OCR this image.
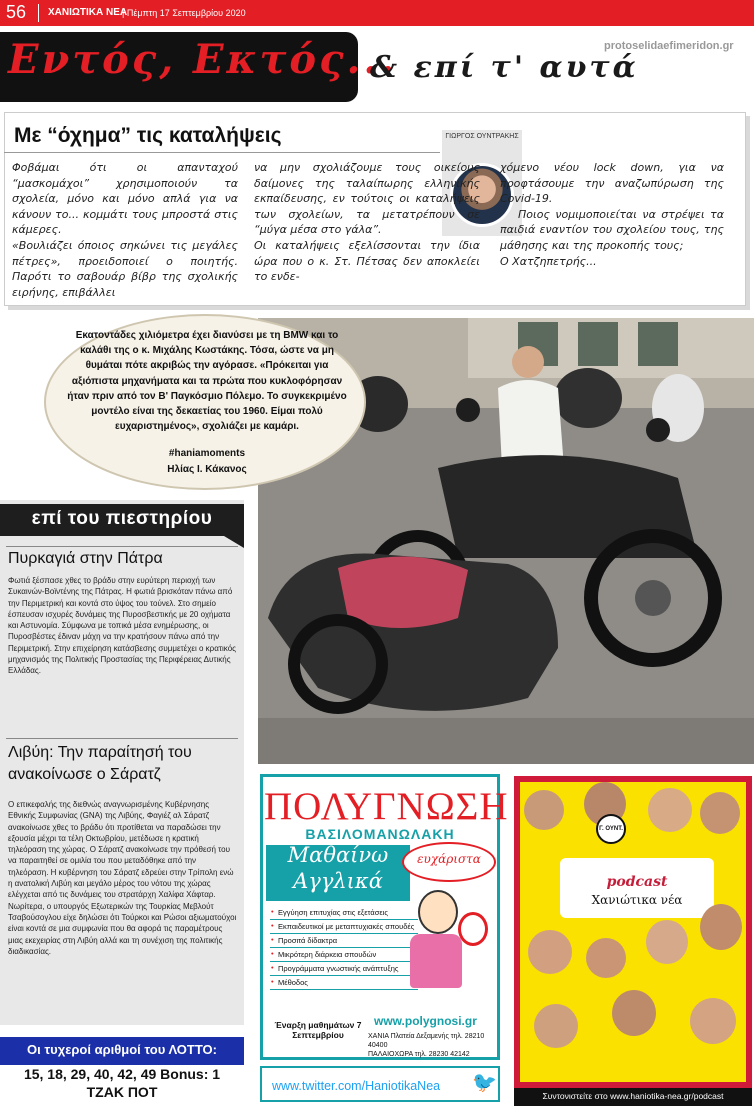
56 ΧΑΝΙΩΤΙΚΑ ΝΕΑ
| Πέμπτη 17 Σεπτεμβρίου 2020
Εντός, Εκτός...
& επί τ' αυτά
protoselidaefimeridon.gr
Με “όχημα” τις καταλήψεις	ΓΙΩΡΓΟΣ ΟΥΝΤΡΑΚΗΣ

Φοβάμαι ότι οι απανταχού “μασκομάχοι” χρησιμοποιούν τα σχολεία, μόνο και μόνο απλά για να κάνουν το... κομμάτι τους μπροστά στις κάμερες.

«Βουλιάζει όποιος σηκώνει τις μεγάλες πέτρες», προειδοποιεί ο ποιητής. Παρότι το σαβουάρ βίβρ της σχολικής ειρήνης, επιβάλλει

να μην σχολιάζουμε τους οικείους δαίμονες της ταλαίπωρης ελληνικής εκπαίδευσης, εν τούτοις οι καταλήψεις των σχολείων, τα μετατρέπουν σε “μύγα μέσα στο γάλα”.

Οι καταλήψεις εξελίσσονται την ίδια ώρα που ο κ. Στ. Πέτσας δεν αποκλείει το ενδε-

χόμενο νέου lock down, για να προφτάσουμε την αναζωπύρωση της Covid-19.

Ποιος νομιμοποιείται να στρέψει τα παιδιά εναντίον του σχολείου τους, της μάθησης και της προκοπής τους;

Ο Χατζηπετρής...

Εκατοντάδες χιλιόμετρα έχει διανύσει με τη BMW και το καλάθι της ο κ. Μιχάλης Κωστάκης. Τόσα, ώστε να μη θυμάται πότε ακριβώς την αγόρασε. «Πρόκειται για αξιόπιστα μηχανήματα και τα πρώτα που κυκλοφόρησαν ήταν πριν από τον Β' Παγκόσμιο Πόλεμο. Το συγκεκριμένο μοντέλο είναι της δεκαετίας του 1960. Είμαι πολύ ευχαριστημένος», σχολιάζει με καμάρι.
#haniamoments
Ηλίας Ι. Κάκανος
επί του πιεστηρίου
Πυρκαγιά στην Πάτρα
Φωτιά ξέσπασε χθες το βράδυ στην ευρύτερη περιοχή των Συκαινών-Βοϊντένης της Πάτρας. Η φωτιά βρισκόταν πάνω από την Περιμετρική και κοντά στο ύψος του τούνελ. Στο σημείο έσπευσαν ισχυρές δυνάμεις της Πυροσβεστικής με 20 οχήματα και Αστυνομία. Σύμφωνα με τοπικά μέσα ενημέρωσης, οι Πυροσβέστες έδιναν μάχη να την κρατήσουν πάνω από την Περιμετρική. Στην επιχείρηση κατάσβεσης συμμετέχει ο κρατικός μηχανισμός της Πολιτικής Προστασίας της Περιφέρειας Δυτικής Ελλάδας.
Λιβύη: Την παραίτησή του ανακοίνωσε ο Σάρατζ
Ο επικεφαλής της διεθνώς αναγνωρισμένης Κυβέρνησης Εθνικής Συμφωνίας (GNA) της Λιβύης, Φαγιέζ αλ Σάρατζ ανακοίνωσε χθες το βράδυ ότι προτίθεται να παραδώσει την εξουσία μέχρι τα τέλη Οκτωβρίου, μετέδωσε η κρατική τηλεόραση της χώρας. Ο Σάρατζ ανακοίνωσε την πρόθεσή του να παραιτηθεί σε ομιλία του που μεταδόθηκε από την τηλεόραση. Η κυβέρνηση του Σάρατζ εδρεύει στην Τρίπολη ενώ η ανατολική Λιβύη και μεγάλο μέρος του νότου της χώρας ελέγχεται από τις δυνάμεις του στρατάρχη Χαλίφα Χάφταρ. Νωρίτερα, ο υπουργός Εξωτερικών της Τουρκίας Μεβλούτ Τσαβούσογλου είχε δηλώσει ότι Τούρκοι και Ρώσοι αξιωματούχοι είναι κοντά σε μια συμφωνία που θα αφορά τις παραμέτρους μιας εκεχειρίας στη Λιβύη αλλά και τη συνέχιση της πολιτικής διαδικασίας.
Οι τυχεροί αριθμοί του ΛΟΤΤΟ:
15, 18, 29, 40, 42, 49 Bonus: 1
ΤΖΑΚ ΠΟΤ
ΠΟΛΥΓΝΩΣΗ
ΒΑΣΙΛΟΜΑΝΩΛΑΚΗ
Μαθαίνω Αγγλικά
ευχάριστα
• Εγγύηση επιτυχίας στις εξετάσεις
• Εκπαιδευτικοί με μεταπτυχιακές σπουδές
• Προσιτά δίδακτρα
• Μικρότερη διάρκεια σπουδών
• Προγράμματα γνωστικής ανάπτυξης
• Μέθοδος
www.polygnosi.gr
Έναρξη μαθημάτων 7 Σεπτεμβρίου	ΧΑΝΙΑ Πλατεία Δεξαμενής τηλ. 28210 40400
ΠΑΛΑΙΟΧΩΡΑ τηλ. 28230 42142
www.twitter.com/HaniotikaNea 🐦
Γ. ΟΥΝΤ.
podcast
Χανιώτικα νέα
Συντονιστείτε στο www.haniotika-nea.gr/podcast
